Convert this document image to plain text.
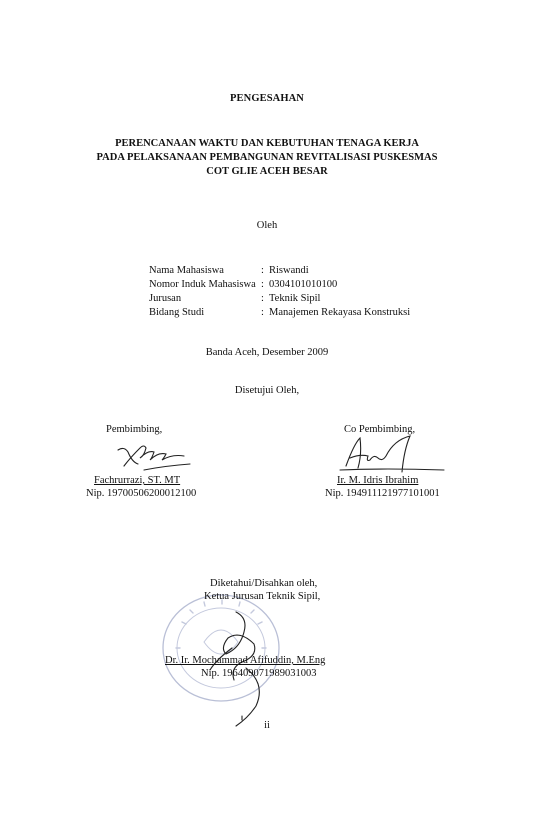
PENGESAHAN
PERENCANAAN WAKTU DAN KEBUTUHAN TENAGA KERJA
PADA PELAKSANAAN PEMBANGUNAN REVITALISASI PUSKESMAS
COT GLIE ACEH BESAR
Oleh
Nama Mahasiswa	: Riswandi
Nomor Induk Mahasiswa : 0304101010100
Jurusan	: Teknik Sipil
Bidang Studi	: Manajemen Rekayasa Konstruksi
Banda Aceh, Desember 2009
Disetujui Oleh,
Pembimbing,
Fachrurrazi, ST. MT
Nip. 19700506200012100
Co Pembimbing,
Ir. M. Idris Ibrahim
Nip. 194911121977101001
Diketahui/Disahkan oleh,
Ketua Jurusan Teknik Sipil,
Dr. Ir. Mochammad Afifuddin, M.Eng
Nip. 196409071989031003
ii
